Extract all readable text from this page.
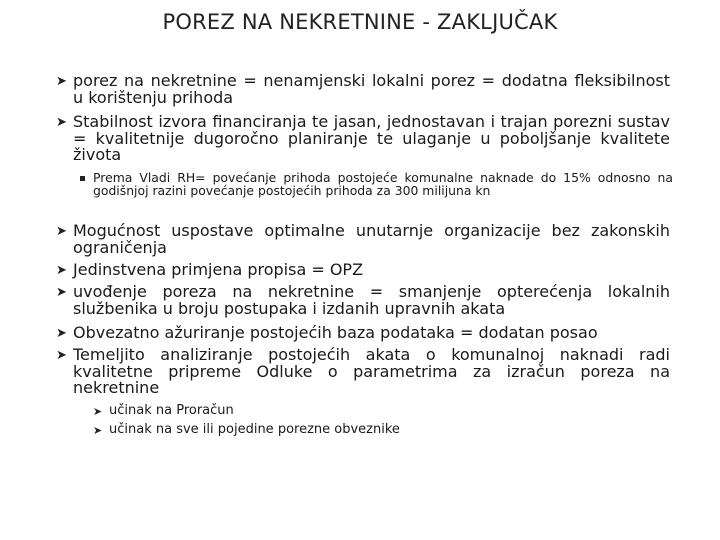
POREZ NA NEKRETNINE - ZAKLJUČAK
➤ porez na nekretnine = nenamjenski lokalni porez = dodatna fleksibilnost u korištenju prihoda
➤ Stabilnost izvora financiranja te jasan, jednostavan i trajan porezni sustav = kvalitetnije dugoročno planiranje te ulaganje u poboljšanje kvalitete života
Prema Vladi RH= povećanje prihoda postojeće komunalne naknade do 15% odnosno na godišnjoj razini povećanje postojećih prihoda za 300 milijuna kn
➤ Mogućnost uspostave optimalne unutarnje organizacije bez zakonskih ograničenja
➤ Jedinstvena primjena propisa = OPZ
➤ uvođenje poreza na nekretnine = smanjenje opterećenja lokalnih službenika u broju postupaka i izdanih upravnih akata
➤ Obvezatno ažuriranje postojećih baza podataka = dodatan posao
➤ Temeljito analiziranje postojećih akata o komunalnoj naknadi radi kvalitetne pripreme Odluke o parametrima za izračun poreza na nekretnine
➤ učinak na Proračun
➤ učinak na sve ili pojedine porezne obveznike
